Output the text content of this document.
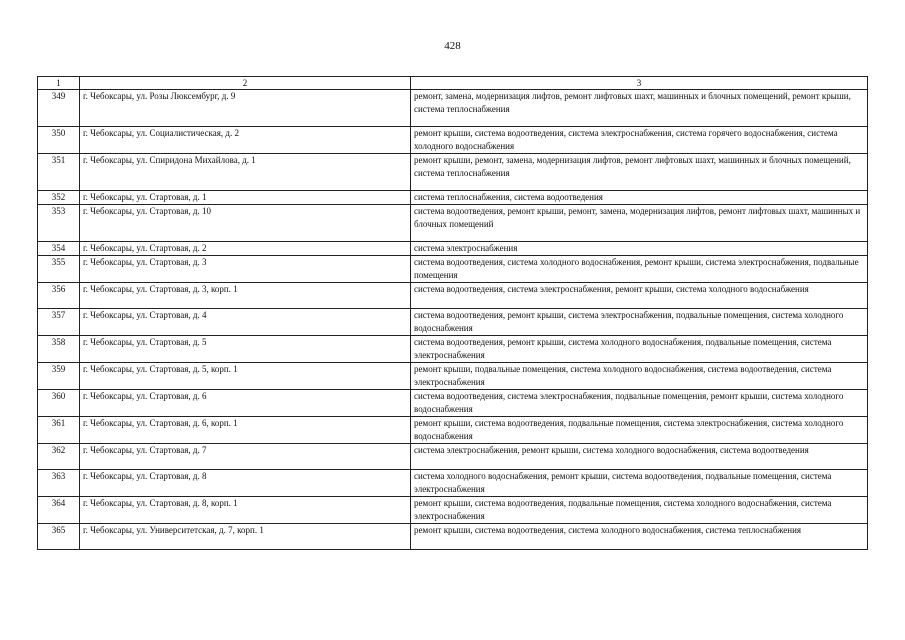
428
1	2	3
349	г. Чебоксары, ул. Розы Люксембург, д. 9	ремонт, замена, модернизация лифтов, ремонт лифтовых шахт, машинных и блочных помещений, ремонт крыши, система теплоснабжения
350	г. Чебоксары, ул. Социалистическая, д. 2	ремонт крыши, система водоотведения, система электроснабжения, система горячего водоснабжения, система холодного водоснабжения
351	г. Чебоксары, ул. Спиридона Михайлова, д. 1	ремонт крыши, ремонт, замена, модернизация лифтов, ремонт лифтовых шахт, машинных и блочных помещений, система теплоснабжения
352	г. Чебоксары, ул. Стартовая, д. 1	система теплоснабжения, система водоотведения
353	г. Чебоксары, ул. Стартовая, д. 10	система водоотведения, ремонт крыши, ремонт, замена, модернизация лифтов, ремонт лифтовых шахт, машинных и блочных помещений
354	г. Чебоксары, ул. Стартовая, д. 2	система электроснабжения
355	г. Чебоксары, ул. Стартовая, д. 3	система водоотведения, система холодного водоснабжения, ремонт крыши, система электроснабжения, подвальные помещения
356	г. Чебоксары, ул. Стартовая, д. 3, корп. 1	система водоотведения, система электроснабжения, ремонт крыши, система холодного водоснабжения
357	г. Чебоксары, ул. Стартовая, д. 4	система водоотведения, ремонт крыши, система электроснабжения, подвальные помещения, система холодного водоснабжения
358	г. Чебоксары, ул. Стартовая, д. 5	система водоотведения, ремонт крыши, система холодного водоснабжения, подвальные помещения, система электроснабжения
359	г. Чебоксары, ул. Стартовая, д. 5, корп. 1	ремонт крыши, подвальные помещения, система холодного водоснабжения, система водоотведения, система электроснабжения
360	г. Чебоксары, ул. Стартовая, д. 6	система водоотведения, система электроснабжения, подвальные помещения, ремонт крыши, система холодного водоснабжения
361	г. Чебоксары, ул. Стартовая, д. 6, корп. 1	ремонт крыши, система водоотведения, подвальные помещения, система электроснабжения, система холодного водоснабжения
362	г. Чебоксары, ул. Стартовая, д. 7	система электроснабжения, ремонт крыши, система холодного водоснабжения, система водоотведения
363	г. Чебоксары, ул. Стартовая, д. 8	система холодного водоснабжения, ремонт крыши, система водоотведения, подвальные помещения, система электроснабжения
364	г. Чебоксары, ул. Стартовая, д. 8, корп. 1	ремонт крыши, система водоотведения, подвальные помещения, система холодного водоснабжения, система электроснабжения
365	г. Чебоксары, ул. Университетская, д. 7, корп. 1	ремонт крыши, система водоотведения, система холодного водоснабжения, система теплоснабжения
